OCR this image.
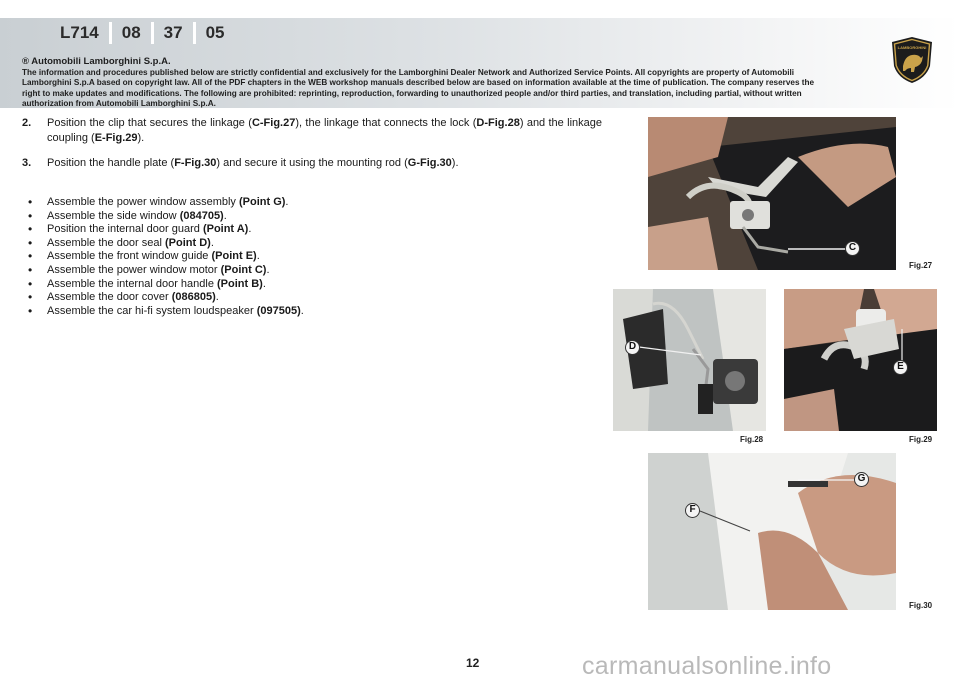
L714	08	37	05
® Automobili Lamborghini S.p.A.
The information and procedures published below are strictly confidential and exclusively for the Lamborghini Dealer Network and Authorized Service Points. All copyrights are property of Automobili Lamborghini S.p.A based on copyright law. All of the PDF chapters in the WEB workshop manuals described below are based on information available at the time of publication. The company reserves the right to make updates and modifications. The following are prohibited: reprinting, reproduction, forwarding to unauthorized people and/or third parties, and translation, including partial, without written authorization from Automobili Lamborghini S.p.A.
LAMBORGHINI
2. Position the clip that secures the linkage (C-Fig.27), the linkage that connects the lock (D-Fig.28) and the linkage coupling (E-Fig.29).
3. Position the handle plate (F-Fig.30) and secure it using the mounting rod (G-Fig.30).
•	Assemble the power window assembly (Point G).
•	Assemble the side window (084705).
•	Position the internal door guard (Point A).
•	Assemble the door seal (Point D).
•	Assemble the front window guide (Point E).
•	Assemble the power window motor (Point C).
•	Assemble the internal door handle (Point B).
•	Assemble the door cover (086805).
•	Assemble the car hi-fi system loudspeaker (097505).
C
Fig.27
D
Fig.28
E
Fig.29
G
F
Fig.30
12	carmanualsonline.info
